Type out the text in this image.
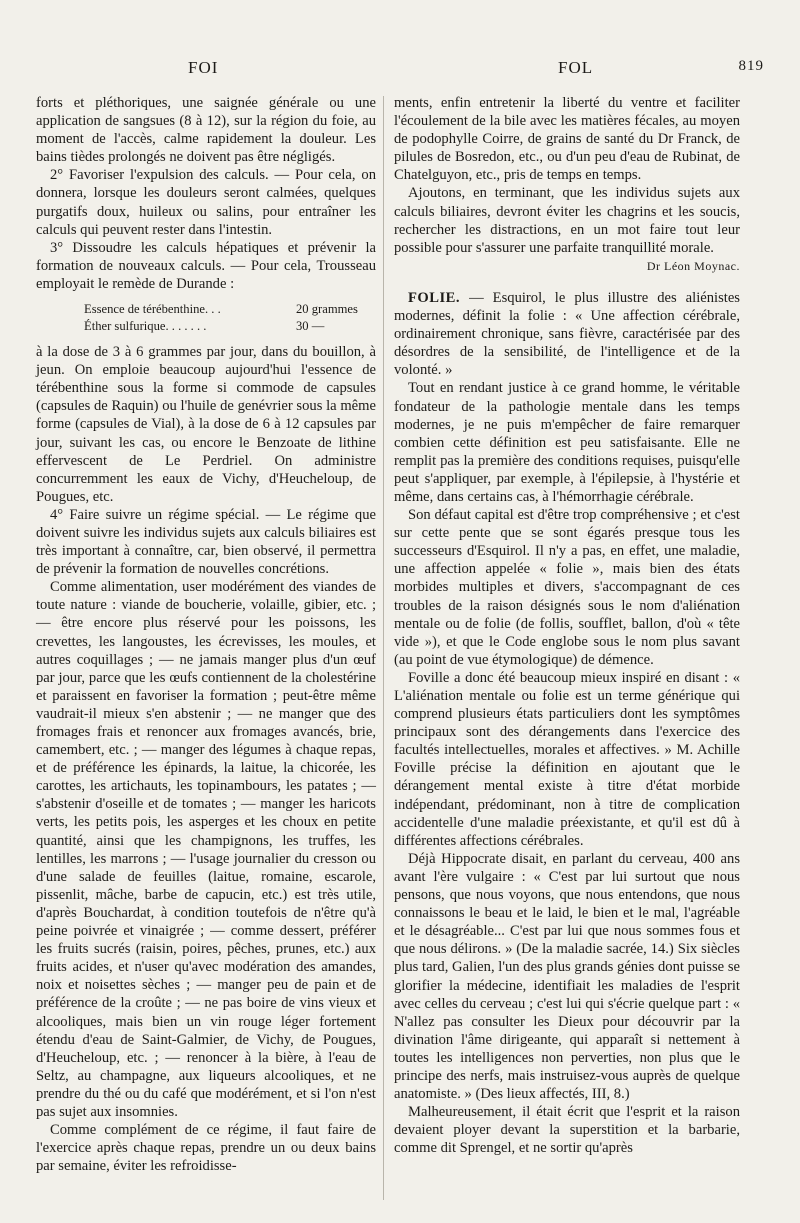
FOI	FOL	819

forts et pléthoriques, une saignée générale ou une application de sangsues (8 à 12), sur la région du foie, au moment de l'accès, calme rapidement la douleur. Les bains tièdes prolongés ne doivent pas être négligés.

2° Favoriser l'expulsion des calculs. — Pour cela, on donnera, lorsque les douleurs seront calmées, quelques purgatifs doux, huileux ou salins, pour entraîner les calculs qui peuvent rester dans l'intestin.

3° Dissoudre les calculs hépatiques et prévenir la formation de nouveaux calculs. — Pour cela, Trousseau employait le remède de Durande :

Essence de térébenthine. . .	20 grammes
Éther sulfurique. . . . . . .	30 —

à la dose de 3 à 6 grammes par jour, dans du bouillon, à jeun. On emploie beaucoup aujourd'hui l'essence de térébenthine sous la forme si commode de capsules (capsules de Raquin) ou l'huile de genévrier sous la même forme (capsules de Vial), à la dose de 6 à 12 capsules par jour, suivant les cas, ou encore le Benzoate de lithine effervescent de Le Perdriel. On administre concurremment les eaux de Vichy, d'Heucheloup, de Pougues, etc.

4° Faire suivre un régime spécial. — Le régime que doivent suivre les individus sujets aux calculs biliaires est très important à connaître, car, bien observé, il permettra de prévenir la formation de nouvelles concrétions.

Comme alimentation, user modérément des viandes de toute nature : viande de boucherie, volaille, gibier, etc. ; — être encore plus réservé pour les poissons, les crevettes, les langoustes, les écrevisses, les moules, et autres coquillages ; — ne jamais manger plus d'un œuf par jour, parce que les œufs contiennent de la cholestérine et paraissent en favoriser la formation ; peut-être même vaudrait-il mieux s'en abstenir ; — ne manger que des fromages frais et renoncer aux fromages avancés, brie, camembert, etc. ; — manger des légumes à chaque repas, et de préférence les épinards, la laitue, la chicorée, les carottes, les artichauts, les topinambours, les patates ; — s'abstenir d'oseille et de tomates ; — manger les haricots verts, les petits pois, les asperges et les choux en petite quantité, ainsi que les champignons, les truffes, les lentilles, les marrons ; — l'usage journalier du cresson ou d'une salade de feuilles (laitue, romaine, escarole, pissenlit, mâche, barbe de capucin, etc.) est très utile, d'après Bouchardat, à condition toutefois de n'être qu'à peine poivrée et vinaigrée ; — comme dessert, préférer les fruits sucrés (raisin, poires, pêches, prunes, etc.) aux fruits acides, et n'user qu'avec modération des amandes, noix et noisettes sèches ; — manger peu de pain et de préférence de la croûte ; — ne pas boire de vins vieux et alcooliques, mais bien un vin rouge léger fortement étendu d'eau de Saint-Galmier, de Vichy, de Pougues, d'Heucheloup, etc. ; — renoncer à la bière, à l'eau de Seltz, au champagne, aux liqueurs alcooliques, et ne prendre du thé ou du café que modérément, et si l'on n'est pas sujet aux insomnies.

Comme complément de ce régime, il faut faire de l'exercice après chaque repas, prendre un ou deux bains par semaine, éviter les refroidisse-

ments, enfin entretenir la liberté du ventre et faciliter l'écoulement de la bile avec les matières fécales, au moyen de podophylle Coirre, de grains de santé du Dr Franck, de pilules de Bosredon, etc., ou d'un peu d'eau de Rubinat, de Chatelguyon, etc., pris de temps en temps.

Ajoutons, en terminant, que les individus sujets aux calculs biliaires, devront éviter les chagrins et les soucis, rechercher les distractions, en un mot faire tout leur possible pour s'assurer une parfaite tranquillité morale.

Dr Léon Moynac.

FOLIE. — Esquirol, le plus illustre des aliénistes modernes, définit la folie : « Une affection cérébrale, ordinairement chronique, sans fièvre, caractérisée par des désordres de la sensibilité, de l'intelligence et de la volonté. »

Tout en rendant justice à ce grand homme, le véritable fondateur de la pathologie mentale dans les temps modernes, je ne puis m'empêcher de faire remarquer combien cette définition est peu satisfaisante. Elle ne remplit pas la première des conditions requises, puisqu'elle peut s'appliquer, par exemple, à l'épilepsie, à l'hystérie et même, dans certains cas, à l'hémorrhagie cérébrale.

Son défaut capital est d'être trop compréhensive ; et c'est sur cette pente que se sont égarés presque tous les successeurs d'Esquirol. Il n'y a pas, en effet, une maladie, une affection appelée « folie », mais bien des états morbides multiples et divers, s'accompagnant de ces troubles de la raison désignés sous le nom d'aliénation mentale ou de folie (de follis, soufflet, ballon, d'où « tête vide »), et que le Code englobe sous le nom plus savant (au point de vue étymologique) de démence.

Foville a donc été beaucoup mieux inspiré en disant : « L'aliénation mentale ou folie est un terme générique qui comprend plusieurs états particuliers dont les symptômes principaux sont des dérangements dans l'exercice des facultés intellectuelles, morales et affectives. » M. Achille Foville précise la définition en ajoutant que le dérangement mental existe à titre d'état morbide indépendant, prédominant, non à titre de complication accidentelle d'une maladie préexistante, et qu'il est dû à différentes affections cérébrales.

Déjà Hippocrate disait, en parlant du cerveau, 400 ans avant l'ère vulgaire : « C'est par lui surtout que nous pensons, que nous voyons, que nous entendons, que nous connaissons le beau et le laid, le bien et le mal, l'agréable et le désagréable... C'est par lui que nous sommes fous et que nous délirons. » (De la maladie sacrée, 14.) Six siècles plus tard, Galien, l'un des plus grands génies dont puisse se glorifier la médecine, identifiait les maladies de l'esprit avec celles du cerveau ; c'est lui qui s'écrie quelque part : « N'allez pas consulter les Dieux pour découvrir par la divination l'âme dirigeante, qui apparaît si nettement à toutes les intelligences non perverties, non plus que le principe des nerfs, mais instruisez-vous auprès de quelque anatomiste. » (Des lieux affectés, III, 8.)

Malheureusement, il était écrit que l'esprit et la raison devaient ployer devant la superstition et la barbarie, comme dit Sprengel, et ne sortir qu'après
